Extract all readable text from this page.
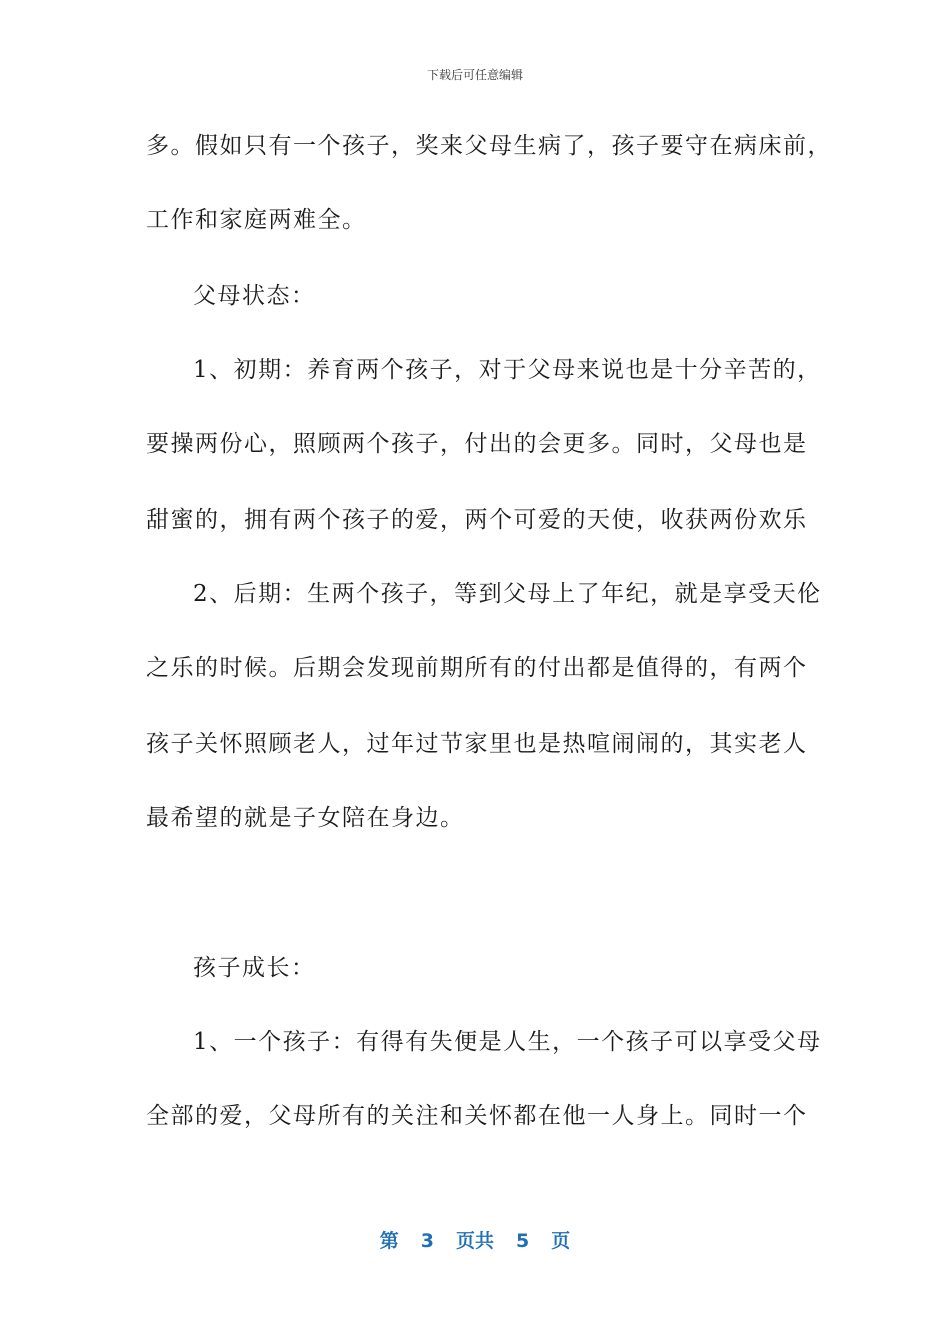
下载后可任意编辑
多。假如只有一个孩子，奖来父母生病了，孩子要守在病床前，
工作和家庭两难全。
父母状态：
1、初期：养育两个孩子，对于父母来说也是十分辛苦的，
要操两份心，照顾两个孩子，付出的会更多。同时，父母也是
甜蜜的，拥有两个孩子的爱，两个可爱的天使，收获两份欢乐
2、后期：生两个孩子，等到父母上了年纪，就是享受天伦
之乐的时候。后期会发现前期所有的付出都是值得的，有两个
孩子关怀照顾老人，过年过节家里也是热喧闹闹的，其实老人
最希望的就是子女陪在身边。
孩子成长：
1、一个孩子：有得有失便是人生，一个孩子可以享受父母
全部的爱，父母所有的关注和关怀都在他一人身上。同时一个
第 3 页共 5 页
